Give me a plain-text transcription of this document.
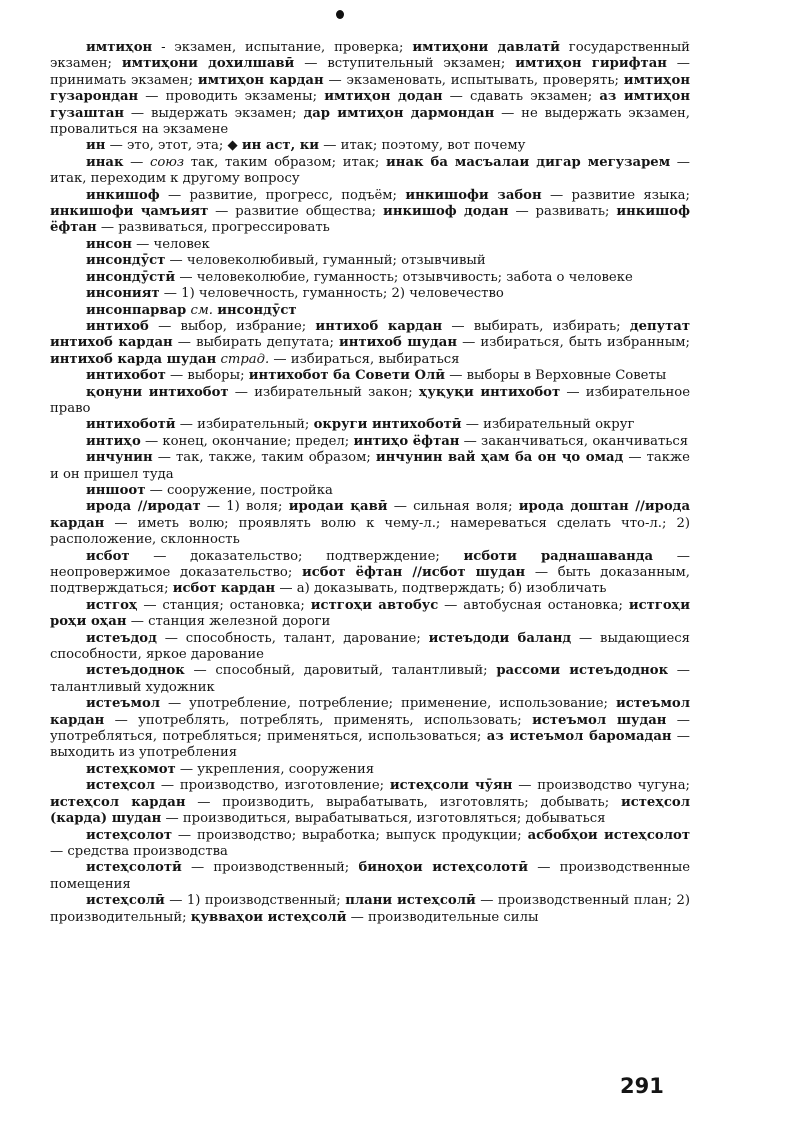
имтиҳон - экзамен, испытание, проверка; имтиҳони давлатӣ государственный экзамен; имтиҳони дохилшавӣ — вступительный экзамен; имтиҳон гирифтан — принимать экзамен; имтиҳон кардан — экзаменовать, испытывать, проверять; имтиҳон гузарондан — проводить экзамены; имтиҳон додан — сдавать экзамен; аз имтиҳон гузаштан — выдержать экзамен; дар имтиҳон дармондан — не выдержать экзамен, провалиться на экзамене

ин — это, этот, эта; ◆ ин аст, ки — итак; поэтому, вот почему

инак — союз так, таким образом; итак; инак ба масъалаи дигар мегузарем — итак, переходим к другому вопросу

инкишоф — развитие, прогресс, подъём; инкишофи забон — развитие языка; инкишофи ҷамъият — развитие общества; инкишоф додан — развивать; инкишоф ёфтан — развиваться, прогрессировать

инсон — человек

инсондӯст — человеколюбивый, гуманный; отзывчивый

инсондӯстӣ — человеколюбие, гуманность; отзывчивость; забота о человеке

инсоният — 1) человечность, гуманность; 2) человечество

инсонпарвар см. инсондӯст

интихоб — выбор, избрание; интихоб кардан — выбирать, избирать; депутат интихоб кардан — выбирать депутата; интихоб шудан — избираться, быть избранным; интихоб карда шудан страд. — избираться, выбираться

интихобот — выборы; интихобот ба Совети Олӣ — выборы в Верховные Советы

қонуни интихобот — избирательный закон; ҳуқуқи интихобот — избирательное право

интихоботӣ — избирательный; округи интихоботӣ — избирательный округ

интиҳо — конец, окончание; предел; интиҳо ёфтан — заканчиваться, оканчиваться

инчунин — так, также, таким образом; инчунин вай ҳам ба он ҷо омад — также и он пришел туда

иншоот — сооружение, постройка

ирода //иродат — 1) воля; иродаи қавӣ — сильная воля; ирода доштан //ирода кардан — иметь волю; проявлять волю к чему-л.; намереваться сделать что-л.; 2) расположение, склонность

исбот — доказательство; подтверждение; исботи раднашаванда — неопровержимое доказательство; исбот ёфтан //исбот шудан — быть доказанным, подтверждаться; исбот кардан — а) доказывать, подтверждать; б) изобличать

истгоҳ — станция; остановка; истгоҳи автобус — автобусная остановка; истгоҳи роҳи оҳан — станция железной дороги

истеъдод — способность, талант, дарование; истеъдоди баланд — выдающиеся способности, яркое дарование

истеъдоднок — способный, даровитый, талантливый; рассоми истеъдоднок — талантливый художник

истеъмол — употребление, потребление; применение, использование; истеъмол кардан — употреблять, потреблять, применять, использовать; истеъмол шудан — употребляться, потребляться; применяться, использоваться; аз истеъмол баромадан — выходить из употребления

истеҳкомот — укрепления, сооружения

истеҳсол — производство, изготовление; истеҳсоли чӯян — производство чугуна; истеҳсол кардан — производить, вырабатывать, изготовлять; добывать; истеҳсол (карда) шудан — производиться, вырабатываться, изготовляться; добываться

истеҳсолот — производство; выработка; выпуск продукции; асбобҳои истеҳсолот — средства производства

истеҳсолотӣ — производственный; биноҳои истеҳсолотӣ — производственные помещения

истеҳсолӣ — 1) производственный; плани истеҳсолӣ — производственный план; 2) производительный; қувваҳои истеҳсолӣ — производительные силы

291
